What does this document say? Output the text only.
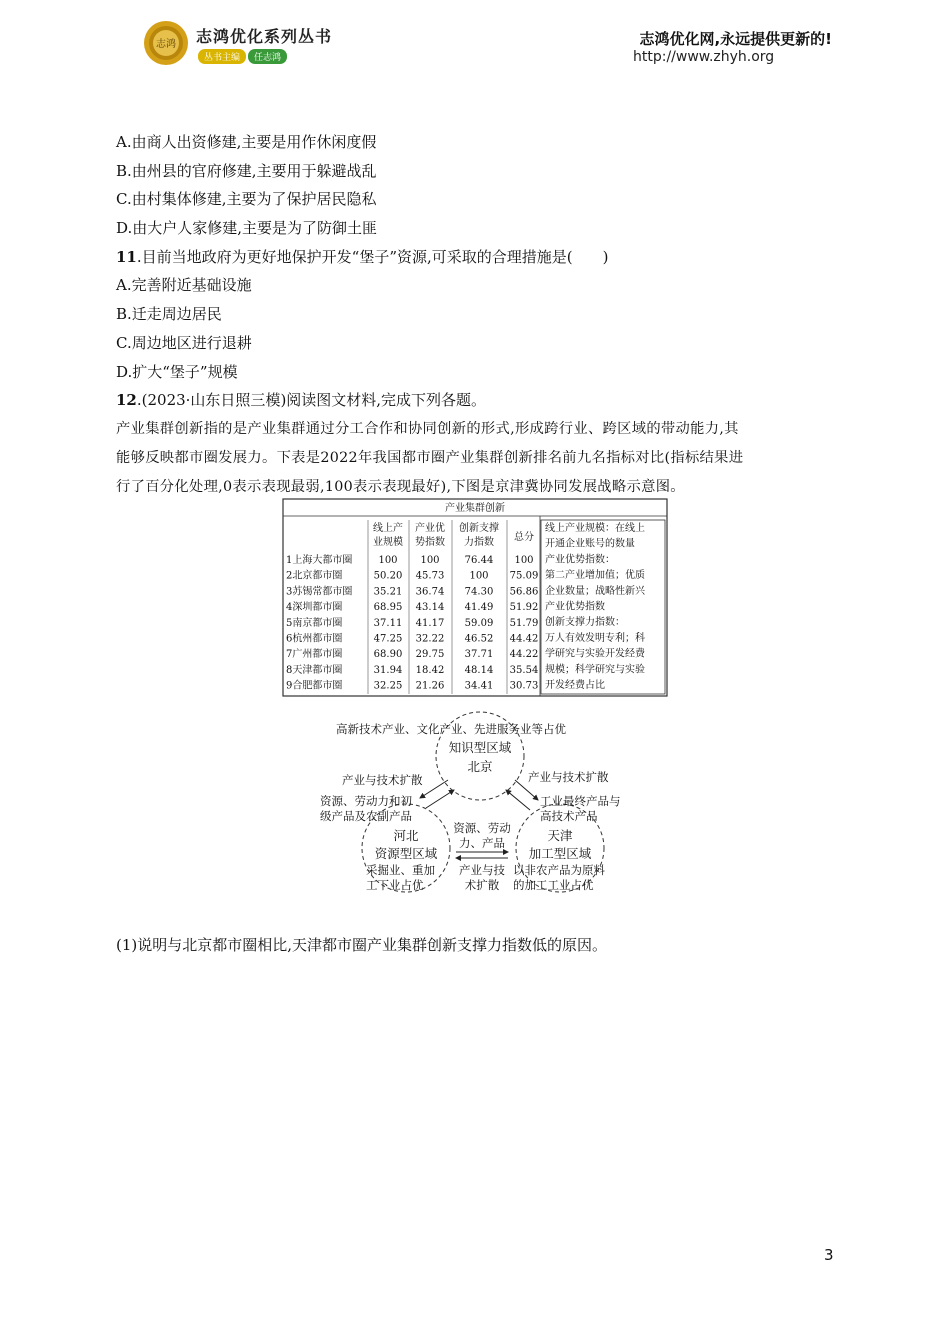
志鸿 志鸿优化系列丛书
丛书主编 任志鸿
志鸿优化网,永远提供更新的!
http://www.zhyh.org
A.由商人出资修建,主要是用作休闲度假
B.由州县的官府修建,主要用于躲避战乱
C.由村集体修建,主要为了保护居民隐私
D.由大户人家修建,主要是为了防御土匪
11.目前当地政府为更好地保护开发“堡子”资源,可采取的合理措施是(　　)
A.完善附近基础设施
B.迁走周边居民
C.周边地区进行退耕
D.扩大“堡子”规模
12.(2023·山东日照三模)阅读图文材料,完成下列各题。
产业集群创新指的是产业集群通过分工合作和协同创新的形式,形成跨行业、跨区域的带动能力,其
能够反映都市圈发展力。下表是2022年我国都市圈产业集群创新排名前九名指标对比(指标结果进
行了百分化处理,0表示表现最弱,100表示表现最好),下图是京津冀协同发展战略示意图。
产业集群创新
线上产
业规模
产业优
势指数
创新支撑
力指数 总分
1上海大都市圈	100 100	76.44 100
2北京都市圈	50.20 45.73	100 75.09
3苏锡常都市圈 35.21 36.74 74.30 56.86
4深圳都市圈	68.95 43.14 41.49 51.92
5南京都市圈	37.11 41.17 59.09 51.79
6杭州都市圈	47.25 32.22 46.52 44.42
7广州都市圈	68.90 29.75 37.71 44.22
8天津都市圈	31.94 18.42 48.14 35.54
9合肥都市圈	32.25 21.26 34.41 30.73
线上产业规模：在线上
开通企业账号的数量
产业优势指数：
第二产业增加值；优质
企业数量；战略性新兴
产业优势指数
创新支撑力指数：
万人有效发明专利；科
学研究与实验开发经费
规模；科学研究与实验
开发经费占比
高新技术产业、文化产业、先进服务业等占优
知识型区域
北京
产业与技术扩散	产业与技术扩散
资源、劳动力和初
级产品及农副产品
工业最终产品与
高技术产品
河北
资源型区域
天津
加工型区域
资源、劳动
力、产品
产业与技
术扩散
采掘业、重加
工下业占优
以非农产品为原料
的加工工业占优
(1)说明与北京都市圈相比,天津都市圈产业集群创新支撑力指数低的原因。
3
